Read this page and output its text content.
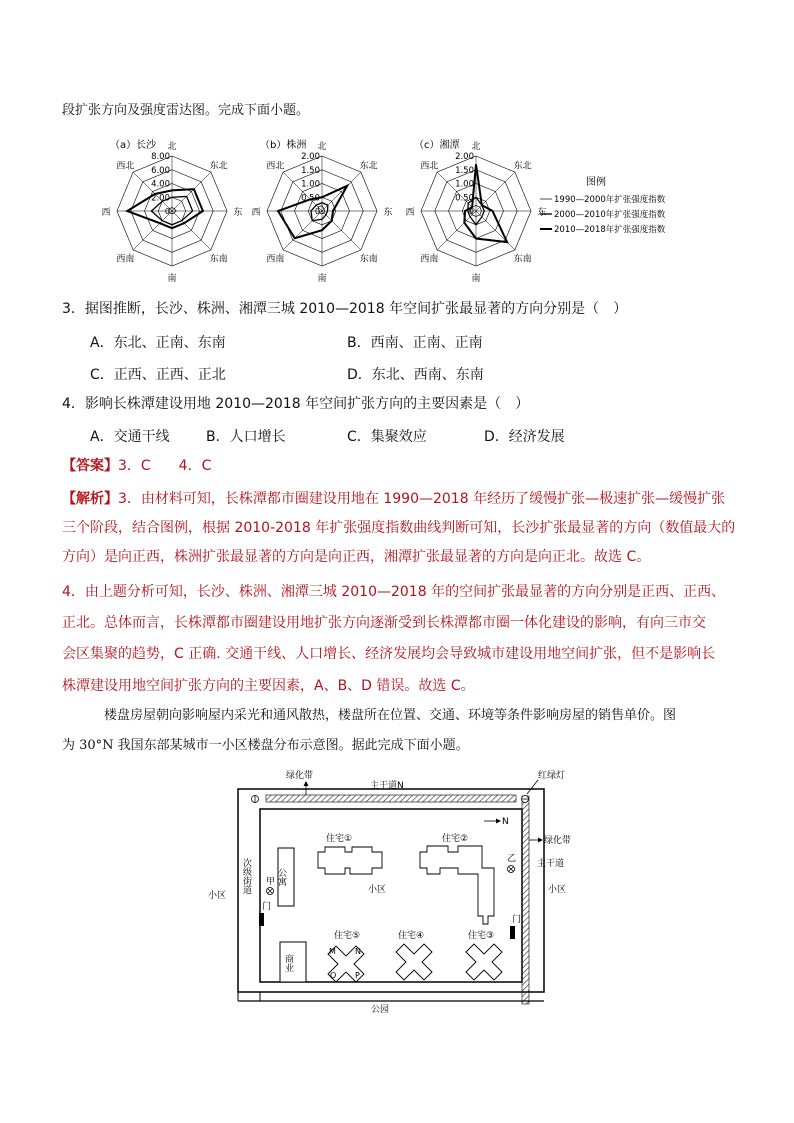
段扩张方向及强度雷达图。完成下面小题。
图例
1990—2000年扩张强度指数
2000—2010年扩张强度指数
2010—2018年扩张强度指数
北
东北
东
东南
南
西南
西
西北
（a）长沙
8.00
6.00
4.00
2.00
0
北
东北
东
东南
南
西南
西
西北
（b）株洲
2.00
1.50
1.00
0.50
0
北
东北
东
东南
南
西南
西
西北
（c）湘潭
2.00
1.50
1.00
0.50
0
3．据图推断，长沙、株洲、湘潭三城 2010—2018 年空间扩张最显著的方向分别是（　）
A．东北、正南、东南	B．西南、正南、正南
C．正西、正西、正北	D．东北、西南、东南
4．影响长株潭建设用地 2010—2018 年空间扩张方向的主要因素是（　）
A．交通干线	B．人口增长	C．集聚效应	D．经济发展
【答案】3．C　　4．C
【解析】3．由材料可知，长株潭都市圈建设用地在 1990—2018 年经历了缓慢扩张—极速扩张—缓慢扩张
三个阶段，结合图例，根据 2010-2018 年扩张强度指数曲线判断可知，长沙扩张最显著的方向（数值最大的
方向）是向正西，株洲扩张最显著的方向是向正西，湘潭扩张最显著的方向是向正北。故选 C。
4．由上题分析可知，长沙、株洲、湘潭三城 2010—2018 年的空间扩张最显著的方向分别是正西、正西、
正北。总体而言，长株潭都市圈建设用地扩张方向逐渐受到长株潭都市圈一体化建设的影响，有向三市交
会区集聚的趋势，C 正确. 交通干线、人口增长、经济发展均会导致城市建设用地空间扩张，但不是影响长
株潭建设用地空间扩张方向的主要因素，A、B、D 错误。故选 C。
楼盘房屋朝向影响屋内采光和通风散热，楼盘所在位置、交通、环境等条件影响房屋的销售单价。图
为 30°N 我国东部某城市一小区楼盘分布示意图。据此完成下面小题。
绿化带
主干道N
红绿灯
N
绿化带
主干道
小区
小区
次级街道 甲 公寓
门
门
商业
住宅①
小区
住宅②
乙
住宅⑤
M N
O P
住宅④	住宅③
公园
